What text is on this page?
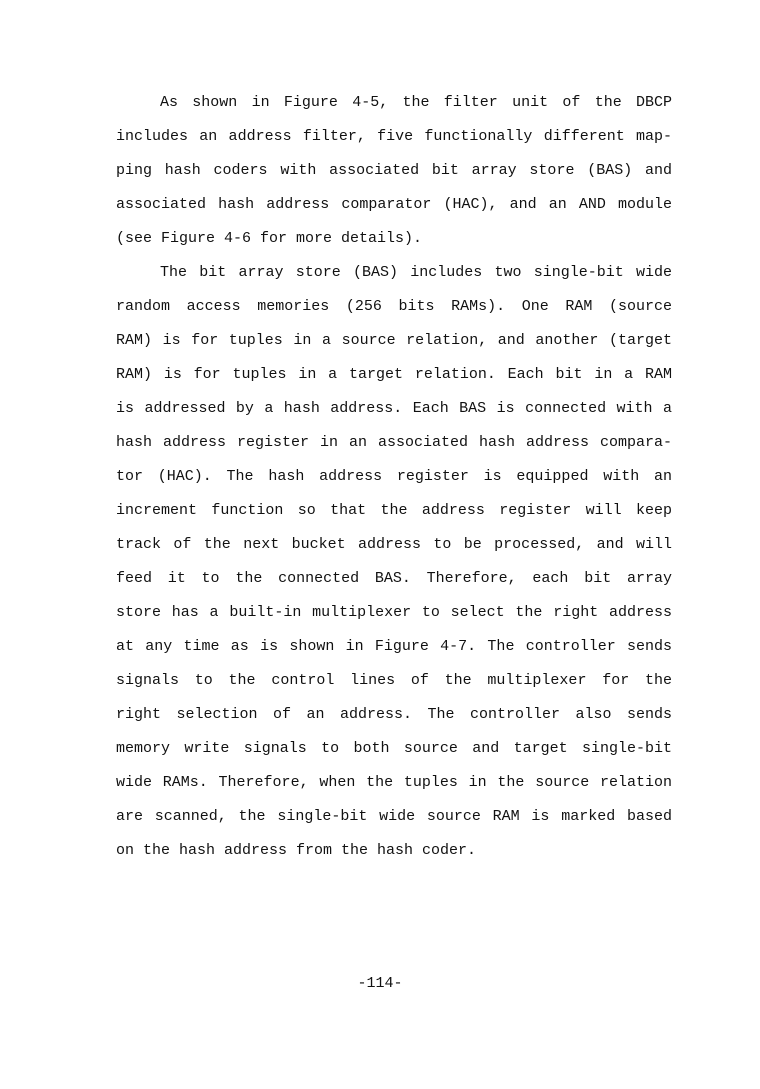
As shown in Figure 4-5, the filter unit of the DBCP
includes an address filter, five functionally different map-
ping hash coders with associated bit array store (BAS) and
associated hash address comparator (HAC), and an AND module
(see Figure 4-6 for more details).
The bit array store (BAS) includes two single-bit wide
random access memories (256 bits RAMs). One RAM (source
RAM) is for tuples in a source relation, and another (target
RAM) is for tuples in a target relation. Each bit in a RAM
is addressed by a hash address. Each BAS is connected with a
hash address register in an associated hash address compara-
tor (HAC). The hash address register is equipped with an
increment function so that the address register will keep
track of the next bucket address to be processed, and will
feed it to the connected BAS. Therefore, each bit array
store has a built-in multiplexer to select the right address
at any time as is shown in Figure 4-7. The controller sends
signals to the control lines of the multiplexer for the
right selection of an address. The controller also sends
memory write signals to both source and target single-bit
wide RAMs. Therefore, when the tuples in the source relation
are scanned, the single-bit wide source RAM is marked based
on the hash address from the hash coder.
-114-
